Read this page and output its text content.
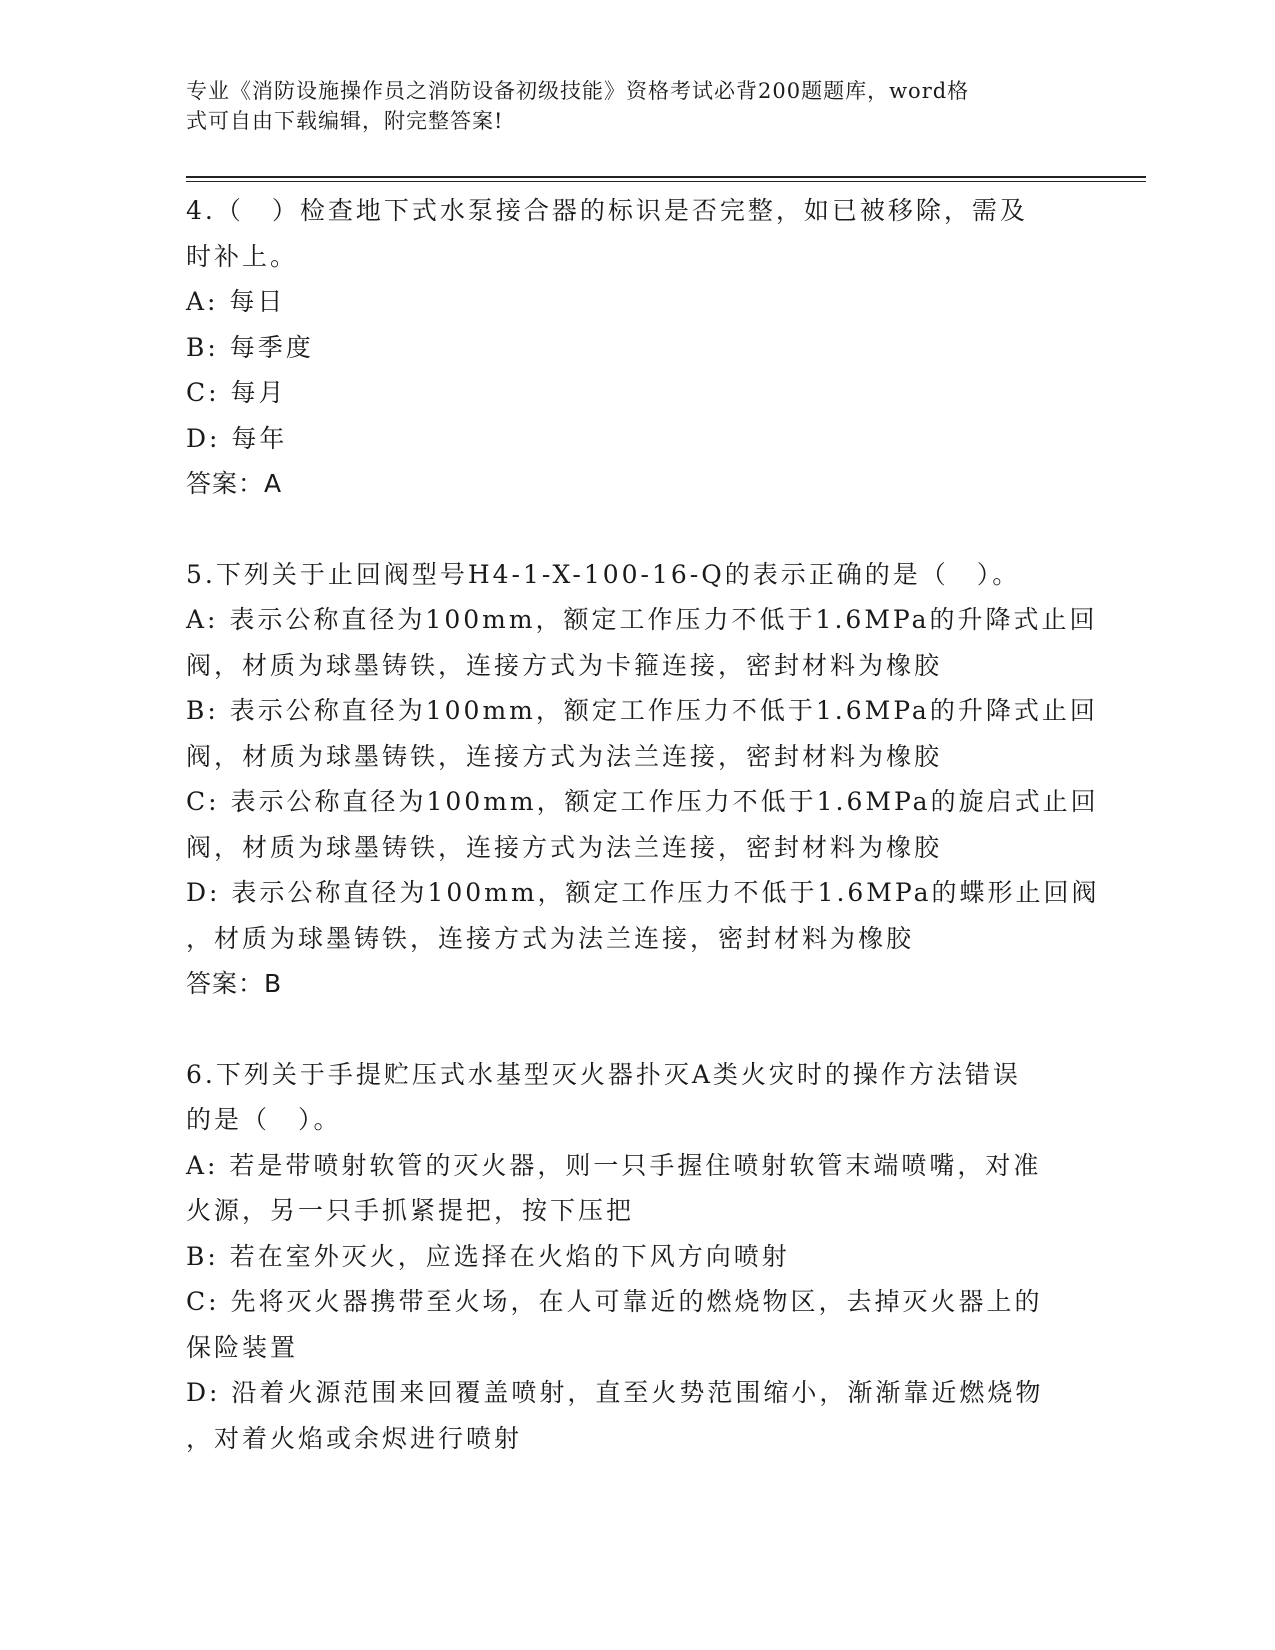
专业《消防设施操作员之消防设备初级技能》资格考试必背200题题库，word格
式可自由下载编辑，附完整答案!
4.（　）检查地下式水泵接合器的标识是否完整，如已被移除，需及
时补上。
A: 每日
B: 每季度
C: 每月
D: 每年
答案：A
5.下列关于止回阀型号H4-1-X-100-16-Q的表示正确的是（　）。
A: 表示公称直径为100mm，额定工作压力不低于1.6MPa的升降式止回
阀，材质为球墨铸铁，连接方式为卡箍连接，密封材料为橡胶
B: 表示公称直径为100mm，额定工作压力不低于1.6MPa的升降式止回
阀，材质为球墨铸铁，连接方式为法兰连接，密封材料为橡胶
C: 表示公称直径为100mm，额定工作压力不低于1.6MPa的旋启式止回
阀，材质为球墨铸铁，连接方式为法兰连接，密封材料为橡胶
D: 表示公称直径为100mm，额定工作压力不低于1.6MPa的蝶形止回阀
，材质为球墨铸铁，连接方式为法兰连接，密封材料为橡胶
答案：B
6.下列关于手提贮压式水基型灭火器扑灭A类火灾时的操作方法错误
的是（　）。
A: 若是带喷射软管的灭火器，则一只手握住喷射软管末端喷嘴，对准
火源，另一只手抓紧提把，按下压把
B: 若在室外灭火，应选择在火焰的下风方向喷射
C: 先将灭火器携带至火场，在人可靠近的燃烧物区，去掉灭火器上的
保险装置
D: 沿着火源范围来回覆盖喷射，直至火势范围缩小，渐渐靠近燃烧物
，对着火焰或余烬进行喷射
